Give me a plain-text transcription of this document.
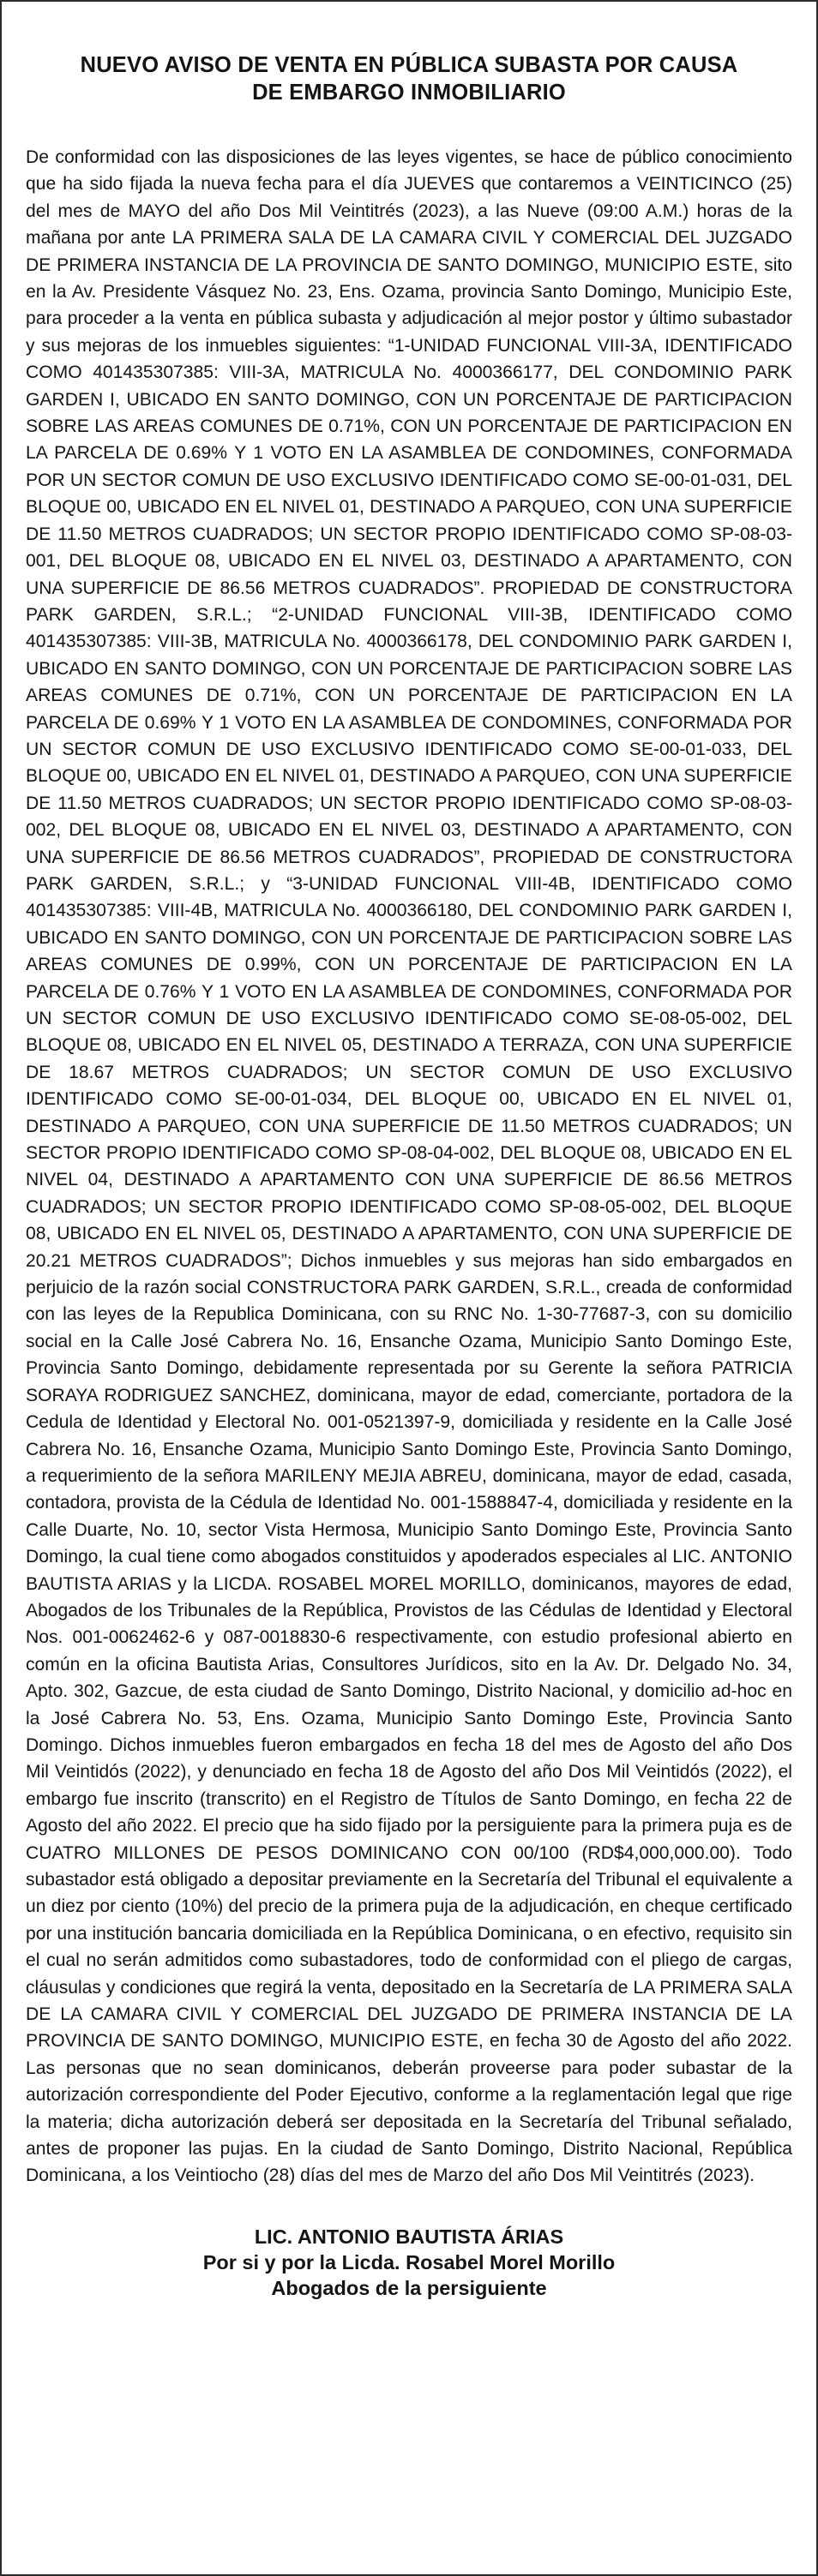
NUEVO AVISO DE VENTA EN PÚBLICA SUBASTA POR CAUSA
DE EMBARGO INMOBILIARIO

De conformidad con las disposiciones de las leyes vigentes, se hace de público conocimiento que ha sido fijada la nueva fecha para el día JUEVES que contaremos a VEINTICINCO (25) del mes de MAYO del año Dos Mil Veintitrés (2023), a las Nueve (09:00 A.M.) horas de la mañana por ante LA PRIMERA SALA DE LA CAMARA CIVIL Y COMERCIAL DEL JUZGADO DE PRIMERA INSTANCIA DE LA PROVINCIA DE SANTO DOMINGO, MUNICIPIO ESTE, sito en la Av. Presidente Vásquez No. 23, Ens. Ozama, provincia Santo Domingo, Municipio Este, para proceder a la venta en pública subasta y adjudicación al mejor postor y último subastador y sus mejoras de los inmuebles siguientes: “1-UNIDAD FUNCIONAL VIII-3A, IDENTIFICADO COMO 401435307385: VIII-3A, MATRICULA No. 4000366177, DEL CONDOMINIO PARK GARDEN I, UBICADO EN SANTO DOMINGO, CON UN PORCENTAJE DE PARTICIPACION SOBRE LAS AREAS COMUNES DE 0.71%, CON UN PORCENTAJE DE PARTICIPACION EN LA PARCELA DE 0.69% Y 1 VOTO EN LA ASAMBLEA DE CONDOMINES, CONFORMADA POR UN SECTOR COMUN DE USO EXCLUSIVO IDENTIFICADO COMO SE-00-01-031, DEL BLOQUE 00, UBICADO EN EL NIVEL 01, DESTINADO A PARQUEO, CON UNA SUPERFICIE DE 11.50 METROS CUADRADOS; UN SECTOR PROPIO IDENTIFICADO COMO SP-08-03-001, DEL BLOQUE 08, UBICADO EN EL NIVEL 03, DESTINADO A APARTAMENTO, CON UNA SUPERFICIE DE 86.56 METROS CUADRADOS”. PROPIEDAD DE CONSTRUCTORA PARK GARDEN, S.R.L.; “2-UNIDAD FUNCIONAL VIII-3B, IDENTIFICADO COMO 401435307385: VIII-3B, MATRICULA No. 4000366178, DEL CONDOMINIO PARK GARDEN I, UBICADO EN SANTO DOMINGO, CON UN PORCENTAJE DE PARTICIPACION SOBRE LAS AREAS COMUNES DE 0.71%, CON UN PORCENTAJE DE PARTICIPACION EN LA PARCELA DE 0.69% Y 1 VOTO EN LA ASAMBLEA DE CONDOMINES, CONFORMADA POR UN SECTOR COMUN DE USO EXCLUSIVO IDENTIFICADO COMO SE-00-01-033, DEL BLOQUE 00, UBICADO EN EL NIVEL 01, DESTINADO A PARQUEO, CON UNA SUPERFICIE DE 11.50 METROS CUADRADOS; UN SECTOR PROPIO IDENTIFICADO COMO SP-08-03-002, DEL BLOQUE 08, UBICADO EN EL NIVEL 03, DESTINADO A APARTAMENTO, CON UNA SUPERFICIE DE 86.56 METROS CUADRADOS”, PROPIEDAD DE CONSTRUCTORA PARK GARDEN, S.R.L.; y “3-UNIDAD FUNCIONAL VIII-4B, IDENTIFICADO COMO 401435307385: VIII-4B, MATRICULA No. 4000366180, DEL CONDOMINIO PARK GARDEN I, UBICADO EN SANTO DOMINGO, CON UN PORCENTAJE DE PARTICIPACION SOBRE LAS AREAS COMUNES DE 0.99%, CON UN PORCENTAJE DE PARTICIPACION EN LA PARCELA DE 0.76% Y 1 VOTO EN LA ASAMBLEA DE CONDOMINES, CONFORMADA POR UN SECTOR COMUN DE USO EXCLUSIVO IDENTIFICADO COMO SE-08-05-002, DEL BLOQUE 08, UBICADO EN EL NIVEL 05, DESTINADO A TERRAZA, CON UNA SUPERFICIE DE 18.67 METROS CUADRADOS; UN SECTOR COMUN DE USO EXCLUSIVO IDENTIFICADO COMO SE-00-01-034, DEL BLOQUE 00, UBICADO EN EL NIVEL 01, DESTINADO A PARQUEO, CON UNA SUPERFICIE DE 11.50 METROS CUADRADOS; UN SECTOR PROPIO IDENTIFICADO COMO SP-08-04-002, DEL BLOQUE 08, UBICADO EN EL NIVEL 04, DESTINADO A APARTAMENTO CON UNA SUPERFICIE DE 86.56 METROS CUADRADOS; UN SECTOR PROPIO IDENTIFICADO COMO SP-08-05-002, DEL BLOQUE 08, UBICADO EN EL NIVEL 05, DESTINADO A APARTAMENTO, CON UNA SUPERFICIE DE 20.21 METROS CUADRADOS”; Dichos inmuebles y sus mejoras han sido embargados en perjuicio de la razón social CONSTRUCTORA PARK GARDEN, S.R.L., creada de conformidad con las leyes de la Republica Dominicana, con su RNC No. 1-30-77687-3, con su domicilio social en la Calle José Cabrera No. 16, Ensanche Ozama, Municipio Santo Domingo Este, Provincia Santo Domingo, debidamente representada por su Gerente la señora PATRICIA SORAYA RODRIGUEZ SANCHEZ, dominicana, mayor de edad, comerciante, portadora de la Cedula de Identidad y Electoral No. 001-0521397-9, domiciliada y residente en la Calle José Cabrera No. 16, Ensanche Ozama, Municipio Santo Domingo Este, Provincia Santo Domingo, a requerimiento de la señora MARILENY MEJIA ABREU, dominicana, mayor de edad, casada, contadora, provista de la Cédula de Identidad No. 001-1588847-4, domiciliada y residente en la Calle Duarte, No. 10, sector Vista Hermosa, Municipio Santo Domingo Este, Provincia Santo Domingo, la cual tiene como abogados constituidos y apoderados especiales al LIC. ANTONIO BAUTISTA ARIAS y la LICDA. ROSABEL MOREL MORILLO, dominicanos, mayores de edad, Abogados de los Tribunales de la República, Provistos de las Cédulas de Identidad y Electoral Nos. 001-0062462-6 y 087-0018830-6 respectivamente, con estudio profesional abierto en común en la oficina Bautista Arias, Consultores Jurídicos, sito en la Av. Dr. Delgado No. 34, Apto. 302, Gazcue, de esta ciudad de Santo Domingo, Distrito Nacional, y domicilio ad-hoc en la José Cabrera No. 53, Ens. Ozama, Municipio Santo Domingo Este, Provincia Santo Domingo. Dichos inmuebles fueron embargados en fecha 18 del mes de Agosto del año Dos Mil Veintidós (2022), y denunciado en fecha 18 de Agosto del año Dos Mil Veintidós (2022), el embargo fue inscrito (transcrito) en el Registro de Títulos de Santo Domingo, en fecha 22 de Agosto del año 2022. El precio que ha sido fijado por la persiguiente para la primera puja es de CUATRO MILLONES DE PESOS DOMINICANO CON 00/100 (RD$4,000,000.00). Todo subastador está obligado a depositar previamente en la Secretaría del Tribunal el equivalente a un diez por ciento (10%) del precio de la primera puja de la adjudicación, en cheque certificado por una institución bancaria domiciliada en la República Dominicana, o en efectivo, requisito sin el cual no serán admitidos como subastadores, todo de conformidad con el pliego de cargas, cláusulas y condiciones que regirá la venta, depositado en la Secretaría de LA PRIMERA SALA DE LA CAMARA CIVIL Y COMERCIAL DEL JUZGADO DE PRIMERA INSTANCIA DE LA PROVINCIA DE SANTO DOMINGO, MUNICIPIO ESTE, en fecha 30 de Agosto del año 2022. Las personas que no sean dominicanos, deberán proveerse para poder subastar de la autorización correspondiente del Poder Ejecutivo, conforme a la reglamentación legal que rige la materia; dicha autorización deberá ser depositada en la Secretaría del Tribunal señalado, antes de proponer las pujas. En la ciudad de Santo Domingo, Distrito Nacional, República Dominicana, a los Veintiocho (28) días del mes de Marzo del año Dos Mil Veintitrés (2023).

LIC. ANTONIO BAUTISTA ÁRIAS
Por si y por la Licda. Rosabel Morel Morillo
Abogados de la persiguiente
